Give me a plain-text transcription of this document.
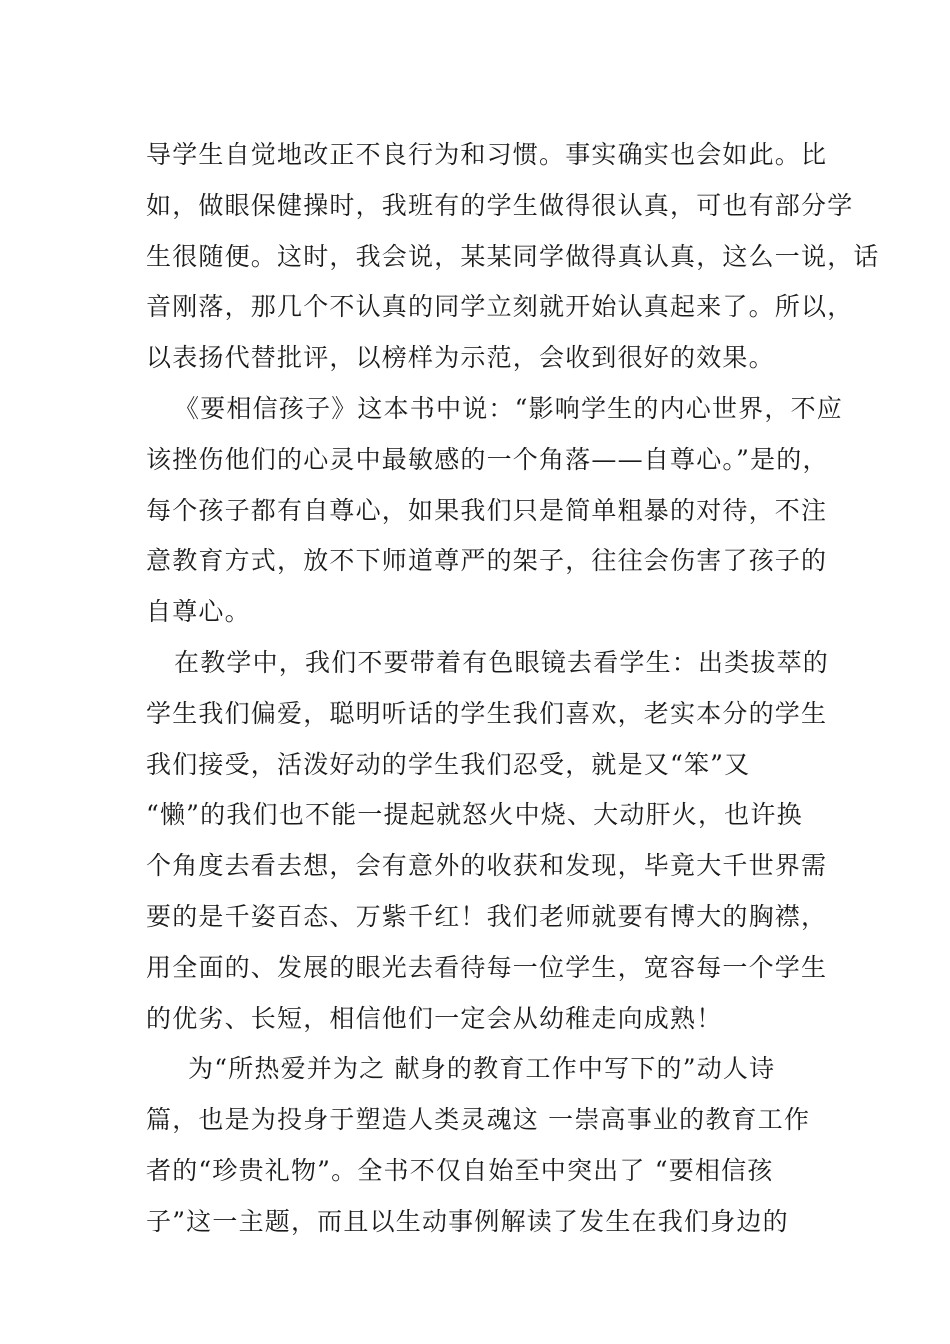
导学生自觉地改正不良行为和习惯。事实确实也会如此。比
如，做眼保健操时，我班有的学生做得很认真，可也有部分学
生很随便。这时，我会说，某某同学做得真认真，这么一说，话
音刚落，那几个不认真的同学立刻就开始认真起来了。所以，
以表扬代替批评，以榜样为示范，会收到很好的效果。
《要相信孩子》这本书中说：“影响学生的内心世界，不应
该挫伤他们的心灵中最敏感的一个角落——自尊心。”是的，
每个孩子都有自尊心，如果我们只是简单粗暴的对待，不注
意教育方式，放不下师道尊严的架子，往往会伤害了孩子的
自尊心。
在教学中，我们不要带着有色眼镜去看学生：出类拔萃的
学生我们偏爱，聪明听话的学生我们喜欢，老实本分的学生
我们接受，活泼好动的学生我们忍受，就是又“笨”又
“懒”的我们也不能一提起就怒火中烧、大动肝火，也许换
个角度去看去想，会有意外的收获和发现，毕竟大千世界需
要的是千姿百态、万紫千红！我们老师就要有博大的胸襟，
用全面的、发展的眼光去看待每一位学生，宽容每一个学生
的优劣、长短，相信他们一定会从幼稚走向成熟！
为“所热爱并为之 献身的教育工作中写下的”动人诗
篇，也是为投身于塑造人类灵魂这 一崇高事业的教育工作
者的“珍贵礼物”。全书不仅自始至中突出了 “要相信孩
子”这一主题，而且以生动事例解读了发生在我们身边的
